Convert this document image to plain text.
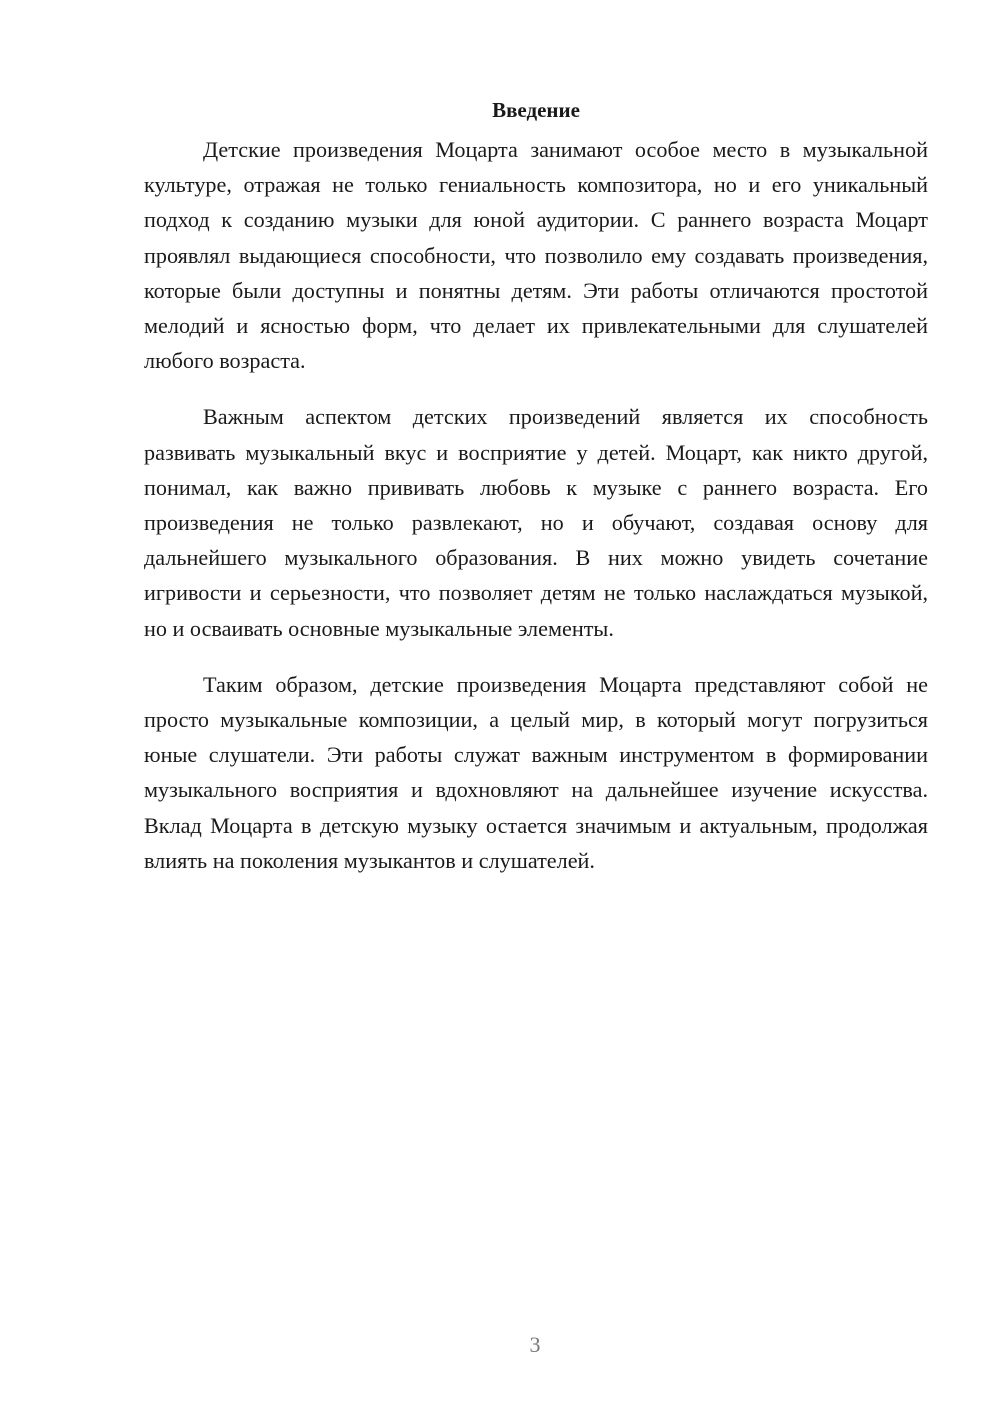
Введение

Детские произведения Моцарта занимают особое место в музыкальной культуре, отражая не только гениальность композитора, но и его уникальный подход к созданию музыки для юной аудитории. С раннего возраста Моцарт проявлял выдающиеся способности, что позволило ему создавать произведения, которые были доступны и понятны детям. Эти работы отличаются простотой мелодий и ясностью форм, что делает их привлекательными для слушателей любого возраста.

Важным аспектом детских произведений является их способность развивать музыкальный вкус и восприятие у детей. Моцарт, как никто другой, понимал, как важно прививать любовь к музыке с раннего возраста. Его произведения не только развлекают, но и обучают, создавая основу для дальнейшего музыкального образования. В них можно увидеть сочетание игривости и серьезности, что позволяет детям не только наслаждаться музыкой, но и осваивать основные музыкальные элементы.

Таким образом, детские произведения Моцарта представляют собой не просто музыкальные композиции, а целый мир, в который могут погрузиться юные слушатели. Эти работы служат важным инструментом в формировании музыкального восприятия и вдохновляют на дальнейшее изучение искусства. Вклад Моцарта в детскую музыку остается значимым и актуальным, продолжая влиять на поколения музыкантов и слушателей.

3
